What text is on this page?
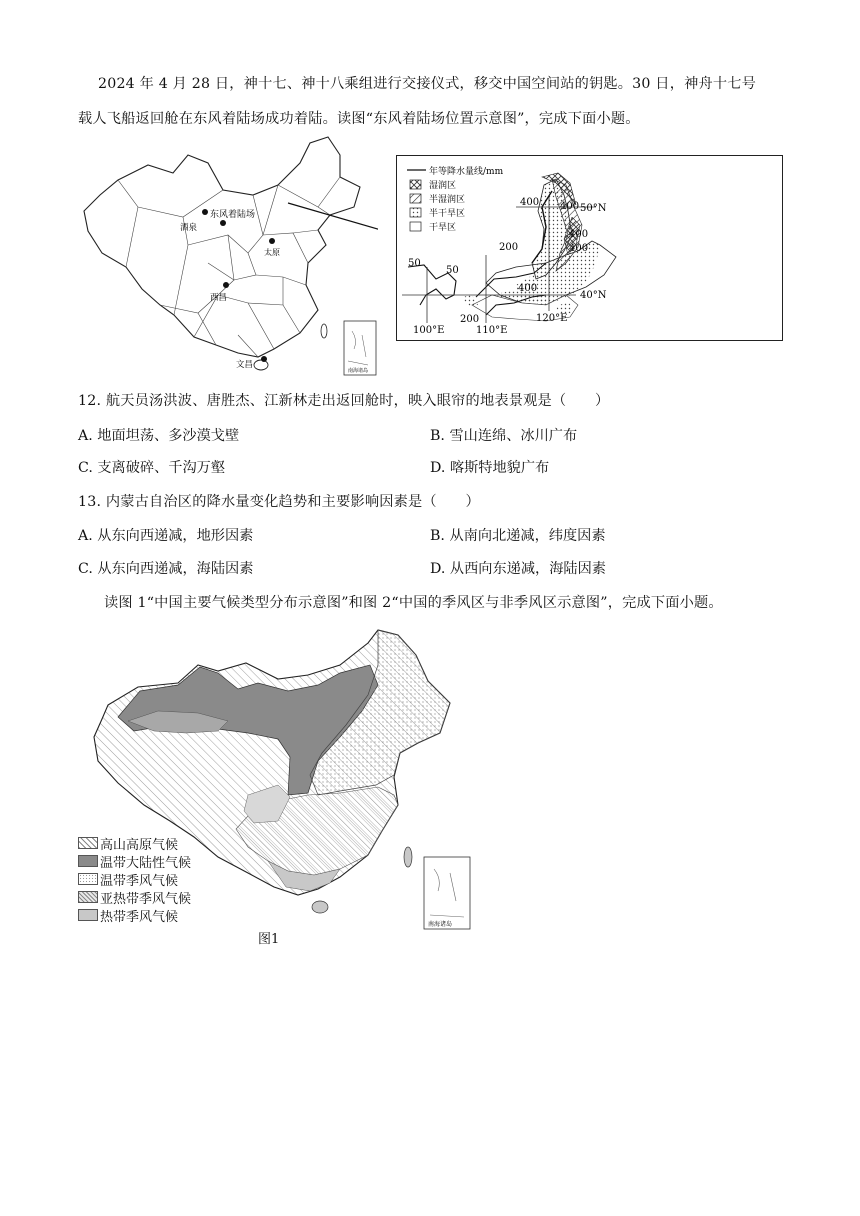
2024 年 4 月 28 日，神十七、神十八乘组进行交接仪式，移交中国空间站的钥匙。30 日，神舟十七号
载人飞船返回舱在东风着陆场成功着陆。读图“东风着陆场位置示意图”，完成下面小题。
东风着陆场
酒泉
太原
西昌
文昌
南海诸岛
年等降水量线/mm
湿润区
半湿润区
半干旱区
干旱区
400 400
400
400
200
50
50
200
400
50°N
40°N
100°E	110°E
120°E
12. 航天员汤洪波、唐胜杰、江新林走出返回舱时，映入眼帘的地表景观是（　　）
A. 地面坦荡、多沙漠戈壁	B. 雪山连绵、冰川广布
C. 支离破碎、千沟万壑	D. 喀斯特地貌广布
13. 内蒙古自治区的降水量变化趋势和主要影响因素是（　　）
A. 从东向西递减，地形因素	B. 从南向北递减，纬度因素
C. 从东向西递减，海陆因素	D. 从西向东递减，海陆因素
读图 1“中国主要气候类型分布示意图”和图 2“中国的季风区与非季风区示意图”，完成下面小题。
南海诸岛
高山高原气候
温带大陆性气候
温带季风气候
亚热带季风气候
热带季风气候
图1
